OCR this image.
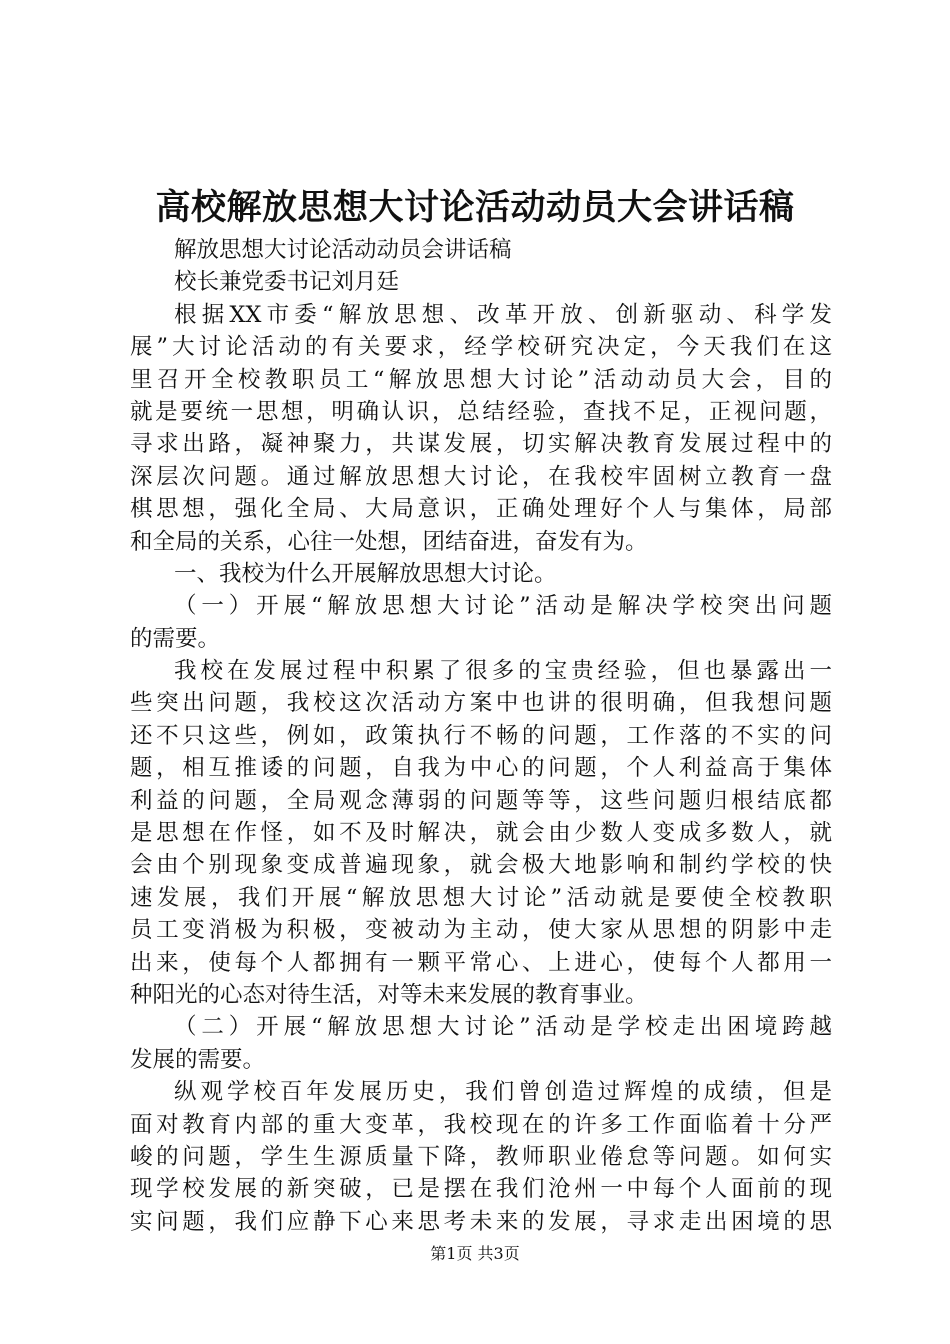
高校解放思想大讨论活动动员大会讲话稿

解放思想大讨论活动动员会讲话稿

校长兼党委书记刘月廷

根据XX市委“解放思想、改革开放、创新驱动、科学发

展”大讨论活动的有关要求，经学校研究决定，今天我们在这

里召开全校教职员工“解放思想大讨论”活动动员大会，目的

就是要统一思想，明确认识，总结经验，查找不足，正视问题，

寻求出路，凝神聚力，共谋发展，切实解决教育发展过程中的

深层次问题。通过解放思想大讨论，在我校牢固树立教育一盘

棋思想，强化全局、大局意识，正确处理好个人与集体，局部

和全局的关系，心往一处想，团结奋进，奋发有为。

一、我校为什么开展解放思想大讨论。

（一）开展“解放思想大讨论”活动是解决学校突出问题

的需要。

我校在发展过程中积累了很多的宝贵经验，但也暴露出一

些突出问题，我校这次活动方案中也讲的很明确，但我想问题

还不只这些，例如，政策执行不畅的问题，工作落的不实的问

题，相互推诿的问题，自我为中心的问题，个人利益高于集体

利益的问题，全局观念薄弱的问题等等，这些问题归根结底都

是思想在作怪，如不及时解决，就会由少数人变成多数人，就

会由个别现象变成普遍现象，就会极大地影响和制约学校的快

速发展，我们开展“解放思想大讨论”活动就是要使全校教职

员工变消极为积极，变被动为主动，使大家从思想的阴影中走

出来，使每个人都拥有一颗平常心、上进心，使每个人都用一

种阳光的心态对待生活，对等未来发展的教育事业。

（二）开展“解放思想大讨论”活动是学校走出困境跨越

发展的需要。

纵观学校百年发展历史，我们曾创造过辉煌的成绩，但是

面对教育内部的重大变革，我校现在的许多工作面临着十分严

峻的问题，学生生源质量下降，教师职业倦怠等问题。如何实

现学校发展的新突破，已是摆在我们沧州一中每个人面前的现

实问题，我们应静下心来思考未来的发展，寻求走出困境的思

第1页 共3页
